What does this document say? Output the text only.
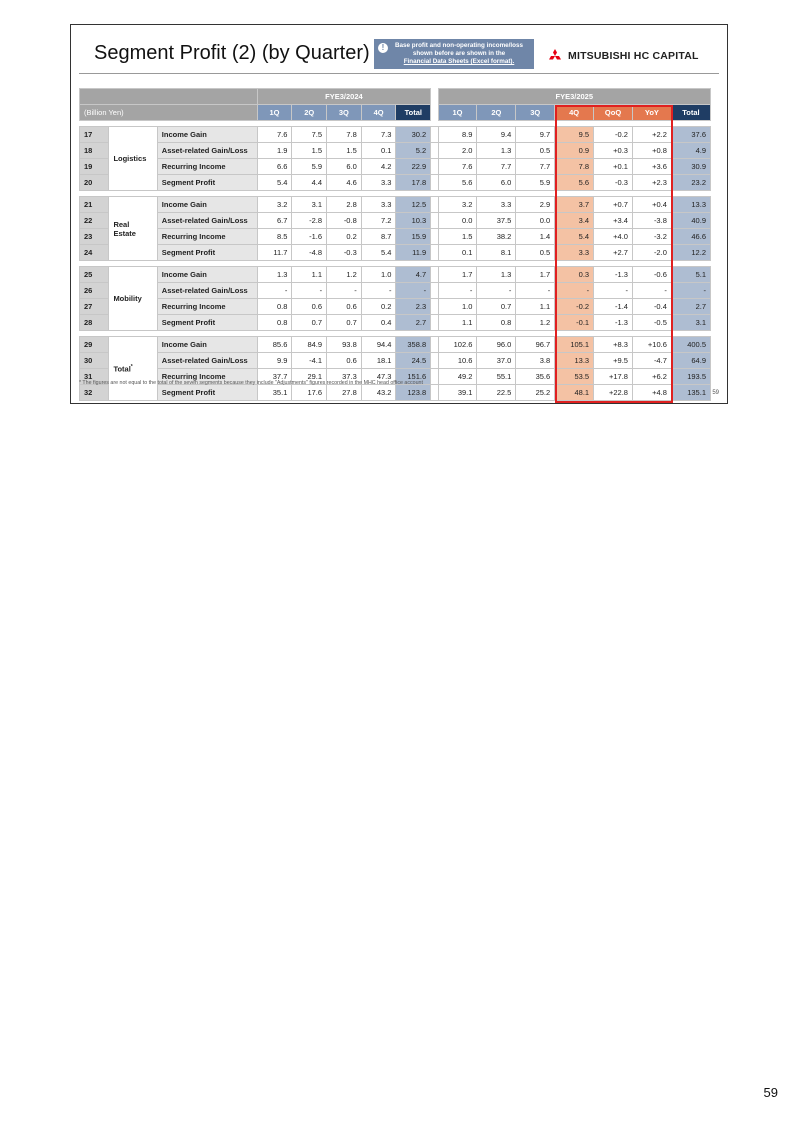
Segment Profit (2) (by Quarter)	!	Base profit and non-operating income/loss
shown before are shown in the
Financial Data Sheets (Excel format).	MITSUBISHI HC CAPITAL
			FYE3/2024						FYE3/2025						
(Billion Yen)			1Q	2Q	3Q	4Q	Total		1Q	2Q	3Q	4Q	QoQ	YoY	Total

17	Logistics	Income Gain	7.6	7.5	7.8	7.3	30.2		8.9	9.4	9.7	9.5	-0.2	+2.2	37.6
18		Asset-related Gain/Loss	1.9	1.5	1.5	0.1	5.2		2.0	1.3	0.5	0.9	+0.3	+0.8	4.9
19		Recurring Income	6.6	5.9	6.0	4.2	22.9		7.6	7.7	7.7	7.8	+0.1	+3.6	30.9
20		Segment Profit	5.4	4.4	4.6	3.3	17.8		5.6	6.0	5.9	5.6	-0.3	+2.3	23.2

21	Real Estate	Income Gain	3.2	3.1	2.8	3.3	12.5		3.2	3.3	2.9	3.7	+0.7	+0.4	13.3
22		Asset-related Gain/Loss	6.7	-2.8	-0.8	7.2	10.3		0.0	37.5	0.0	3.4	+3.4	-3.8	40.9
23		Recurring Income	8.5	-1.6	0.2	8.7	15.9		1.5	38.2	1.4	5.4	+4.0	-3.2	46.6
24		Segment Profit	11.7	-4.8	-0.3	5.4	11.9		0.1	8.1	0.5	3.3	+2.7	-2.0	12.2

25	Mobility	Income Gain	1.3	1.1	1.2	1.0	4.7		1.7	1.3	1.7	0.3	-1.3	-0.6	5.1
26		Asset-related Gain/Loss	-	-	-	-	-		-	-	-	-	-	-	-
27		Recurring Income	0.8	0.6	0.6	0.2	2.3		1.0	0.7	1.1	-0.2	-1.4	-0.4	2.7
28		Segment Profit	0.8	0.7	0.7	0.4	2.7		1.1	0.8	1.2	-0.1	-1.3	-0.5	3.1

29	Total*	Income Gain	85.6	84.9	93.8	94.4	358.8		102.6	96.0	96.7	105.1	+8.3	+10.6	400.5
30		Asset-related Gain/Loss	9.9	-4.1	0.6	18.1	24.5		10.6	37.0	3.8	13.3	+9.5	-4.7	64.9
31		Recurring Income	37.7	29.1	37.3	47.3	151.6		49.2	55.1	35.6	53.5	+17.8	+6.2	193.5
32		Segment Profit	35.1	17.6	27.8	43.2	123.8		39.1	22.5	25.2	48.1	+22.8	+4.8	135.1
* The figures are not equal to the total of the seven segments because they include "Adjustments" figures recorded in the MHC head office account
59
59
